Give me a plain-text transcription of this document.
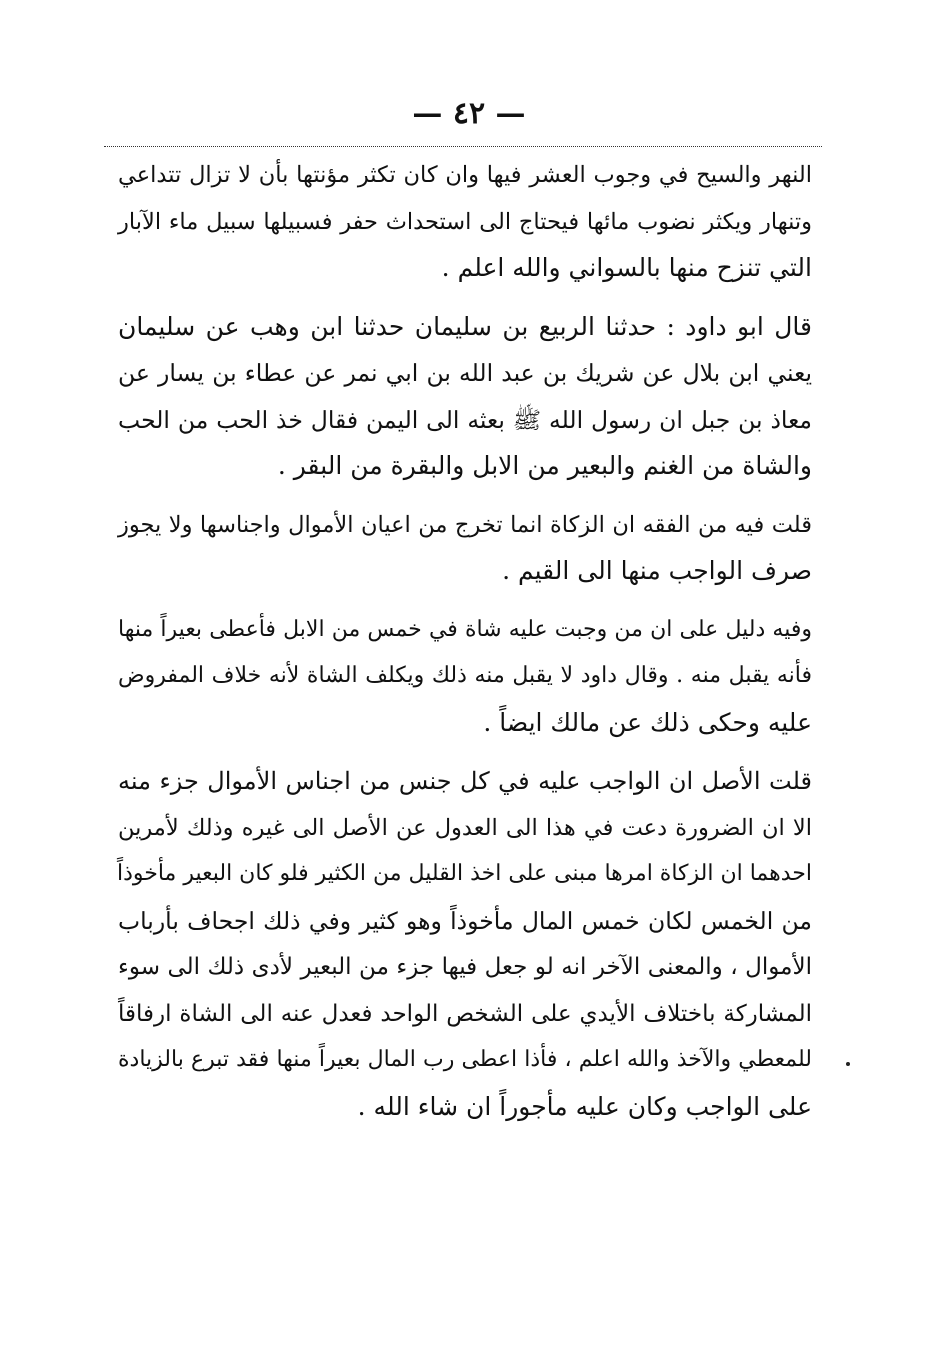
— ٤٢ —
النهر والسيح في وجوب العشر فيها وان كان تكثر مؤنتها بأن لا تزال تتداعي
وتنهار ويكثر نضوب مائها فيحتاج الى استحداث حفر فسبيلها سبيل ماء الآبار
التي تنزح منها بالسواني والله اعلم .
قال ابو داود : حدثنا الربيع بن سليمان حدثنا ابن وهب عن سليمان
يعني ابن بلال عن شريك بن عبد الله بن ابي نمر عن عطاء بن يسار عن
معاذ بن جبل ان رسول الله ﷺ بعثه الى اليمن فقال خذ الحب من الحب
والشاة من الغنم والبعير من الابل والبقرة من البقر .
قلت فيه من الفقه ان الزكاة انما تخرج من اعيان الأموال واجناسها ولا يجوز
صرف الواجب منها الى القيم .
وفيه دليل على ان من وجبت عليه شاة في خمس من الابل فأعطى بعيراً منها
فأنه يقبل منه . وقال داود لا يقبل منه ذلك ويكلف الشاة لأنه خلاف المفروض
عليه وحكى ذلك عن مالك ايضاً .
قلت الأصل ان الواجب عليه في كل جنس من اجناس الأموال جزء منه
الا ان الضرورة دعت في هذا الى العدول عن الأصل الى غيره وذلك لأمرين
احدهما ان الزكاة امرها مبنى على اخذ القليل من الكثير فلو كان البعير مأخوذاً
من الخمس لكان خمس المال مأخوذاً وهو كثير وفي ذلك اجحاف بأرباب
الأموال ، والمعنى الآخر انه لو جعل فيها جزء من البعير لأدى ذلك الى سوء
المشاركة باختلاف الأيدي على الشخص الواحد فعدل عنه الى الشاة ارفاقاً
للمعطي والآخذ والله اعلم ، فأذا اعطى رب المال بعيراً منها فقد تبرع بالزيادة
على الواجب وكان عليه مأجوراً ان شاء الله .
